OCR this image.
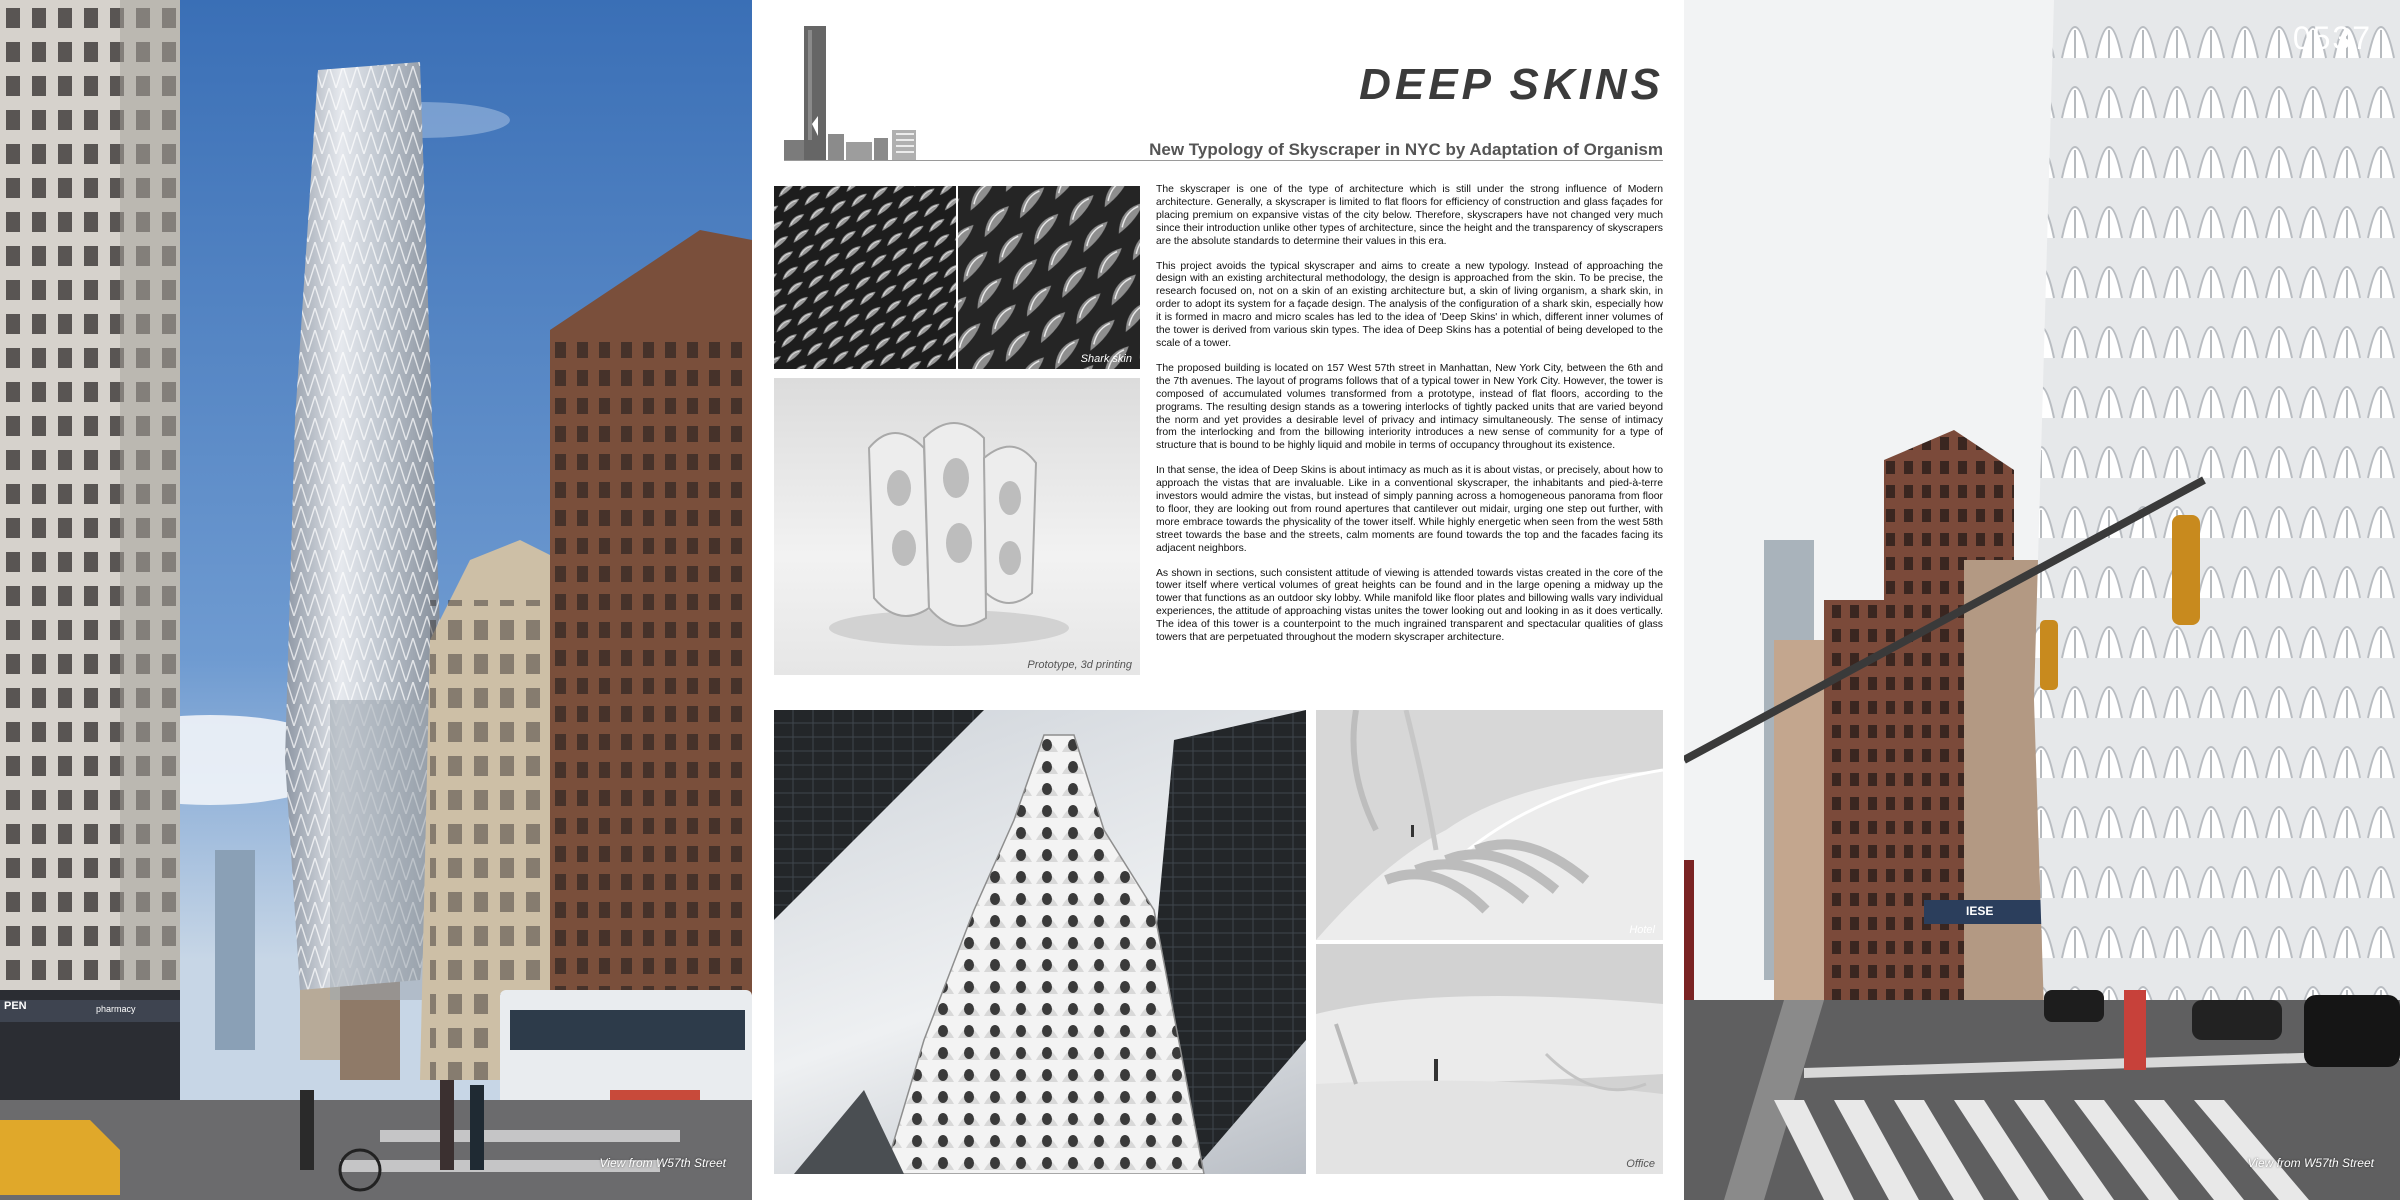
PEN	pharmacy
View from W57th Street
DEEP SKINS
New Typology of Skyscraper in NYC by Adaptation of Organism
Shark skin
Prototype, 3d printing

The skyscraper is one of the type of architecture which is still under the strong influence of Modern architecture. Generally, a skyscraper is limited to flat floors for efficiency of construction and glass façades for placing premium on expansive vistas of the city below. Therefore, skyscrapers have not changed very much since their introduction unlike other types of architecture, since the height and the transparency of skyscrapers are the absolute standards to determine their values in this era.

This project avoids the typical skyscraper and aims to create a new typology. Instead of approaching the design with an existing architectural methodology, the design is approached from the skin. To be precise, the research focused on, not on a skin of an existing architecture but, a skin of living organism, a shark skin, in order to adopt its system for a façade design. The analysis of the configuration of a shark skin, especially how it is formed in macro and micro scales has led to the idea of 'Deep Skins' in which, different inner volumes of the tower is derived from various skin types. The idea of Deep Skins has a potential of being developed to the scale of a tower.

The proposed building is located on 157 West 57th street in Manhattan, New York City, between the 6th and the 7th avenues. The layout of programs follows that of a typical tower in New York City. However, the tower is composed of accumulated volumes transformed from a prototype, instead of flat floors, according to the programs. The resulting design stands as a towering interlocks of tightly packed units that are varied beyond the norm and yet provides a desirable level of privacy and intimacy simultaneously. The sense of intimacy from the interlocking and from the billowing interiority introduces a new sense of community for a type of structure that is bound to be highly liquid and mobile in terms of occupancy throughout its existence.

In that sense, the idea of Deep Skins is about intimacy as much as it is about vistas, or precisely, about how to approach the vistas that are invaluable. Like in a conventional skyscraper, the inhabitants and pied-à-terre investors would admire the vistas, but instead of simply panning across a homogeneous panorama from floor to floor, they are looking out from round apertures that cantilever out midair, urging one step out further, with more embrace towards the physicality of the tower itself. While highly energetic when seen from the west 58th street towards the base and the streets, calm moments are found towards the top and the facades facing its adjacent neighbors.

As shown in sections, such consistent attitude of viewing is attended towards vistas created in the core of the tower itself where vertical volumes of great heights can be found and in the large opening a midway up the tower that functions as an outdoor sky lobby. While manifold like floor plates and billowing walls vary individual experiences, the attitude of approaching vistas unites the tower looking out and looking in as it does vertically. The idea of this tower is a counterpoint to the much ingrained transparent and spectacular qualities of glass towers that are perpetuated throughout the modern skyscraper architecture.

Hotel
Office
IESE
View from W57th Street
0537
